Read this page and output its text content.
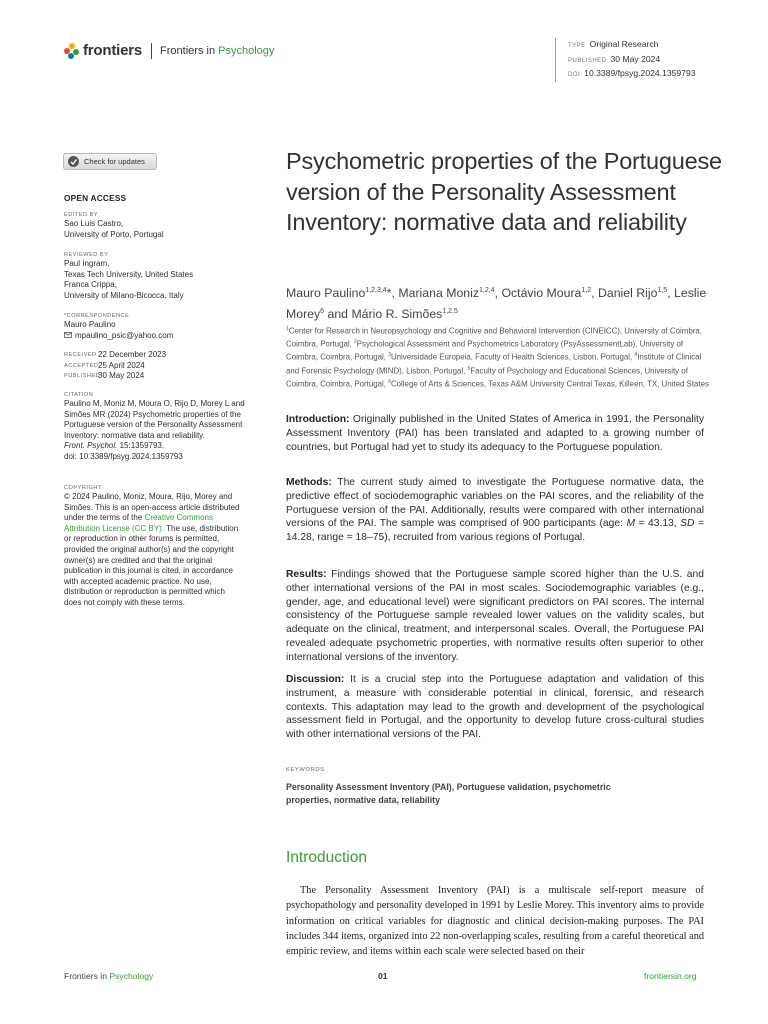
frontiers Frontiers in Psychology	TYPE Original Research
PUBLISHED 30 May 2024
DOI 10.3389/fpsyg.2024.1359793
Check for updates
OPEN ACCESS
EDITED BY
Sao Luis Castro,
University of Porto, Portugal
REVIEWED BY
Paul Ingram,
Texas Tech University, United States
Franca Crippa,
University of Milano-Bicocca, Italy
*CORRESPONDENCE
Mauro Paulino
mpaulino_psic@yahoo.com
RECEIVED 22 December 2023
ACCEPTED 25 April 2024
PUBLISHED
30 May 2024
CITATION
Paulino M, Moniz M, Moura O, Rijo D, Morey L and Simões MR (2024) Psychometric properties of the Portuguese version of the Personality Assessment Inventory: normative data and reliability.
Front. Psychol. 15:1359793.
doi: 10.3389/fpsyg.2024.1359793
COPYRIGHT
© 2024 Paulino, Moniz, Moura, Rijo, Morey and Simões. This is an open-access article distributed under the terms of the Creative Commons Attribution License (CC BY). The use, distribution or reproduction in other forums is permitted, provided the original author(s) and the copyright owner(s) are credited and that the original publication in this journal is cited, in accordance with accepted academic practice. No use, distribution or reproduction is permitted which does not comply with these terms.
Psychometric properties of the Portuguese version of the Personality Assessment Inventory: normative data and reliability
Mauro Paulino$^{1,2,3,4}$*, Mariana Moniz$^{1,2,4}$, Octávio Moura$^{1,2}$, Daniel Rijo$^{1,5}$, Leslie Morey$^6$ and Mário R. Simões$^{1,2,5}$
$^1$Center for Research in Neuropsychology and Cognitive and Behavioral Intervention (CINEICC), University of Coimbra, Coimbra, Portugal, $^2$Psychological Assessment and Psychometrics Laboratory (PsyAssessmentLab), University of Coimbra, Coimbra, Portugal, $^3$Universidade Europeia, Faculty of Health Sciences, Lisbon, Portugal, $^4$Institute of Clinical and Forensic Psychology (MIND), Lisbon, Portugal, $^5$Faculty of Psychology and Educational Sciences, University of Coimbra, Coimbra, Portugal, $^6$College of Arts & Sciences, Texas A&M University Central Texas, Killeen, TX, United States

Introduction: Originally published in the United States of America in 1991, the Personality Assessment Inventory (PAI) has been translated and adapted to a growing number of countries, but Portugal had yet to study its adequacy to the Portuguese population.

Methods: The current study aimed to investigate the Portuguese normative data, the predictive effect of sociodemographic variables on the PAI scores, and the reliability of the Portuguese version of the PAI. Additionally, results were compared with other international versions of the PAI. The sample was comprised of 900 participants (age: M = 43.13, SD = 14.28, range = 18–75), recruited from various regions of Portugal.

Results: Findings showed that the Portuguese sample scored higher than the U.S. and other international versions of the PAI in most scales. Sociodemographic variables (e.g., gender, age, and educational level) were significant predictors on PAI scores. The internal consistency of the Portuguese sample revealed lower values on the validity scales, but adequate on the clinical, treatment, and interpersonal scales. Overall, the Portuguese PAI revealed adequate psychometric properties, with normative results often superior to other international versions of the inventory.

Discussion: It is a crucial step into the Portuguese adaptation and validation of this instrument, a measure with considerable potential in clinical, forensic, and research contexts. This adaptation may lead to the growth and development of the psychological assessment field in Portugal, and the opportunity to develop future cross-cultural studies with other international versions of the PAI.

KEYWORDS
Personality Assessment Inventory (PAI), Portuguese validation, psychometric properties, normative data, reliability
Introduction

The Personality Assessment Inventory (PAI) is a multiscale self-report measure of psychopathology and personality developed in 1991 by Leslie Morey. This inventory aims to provide information on critical variables for diagnostic and clinical decision-making purposes. The PAI includes 344 items, organized into 22 non-overlapping scales, resulting from a careful theoretical and empiric review, and items within each scale were selected based on their

Frontiers in Psychology	01	frontiersin.org
